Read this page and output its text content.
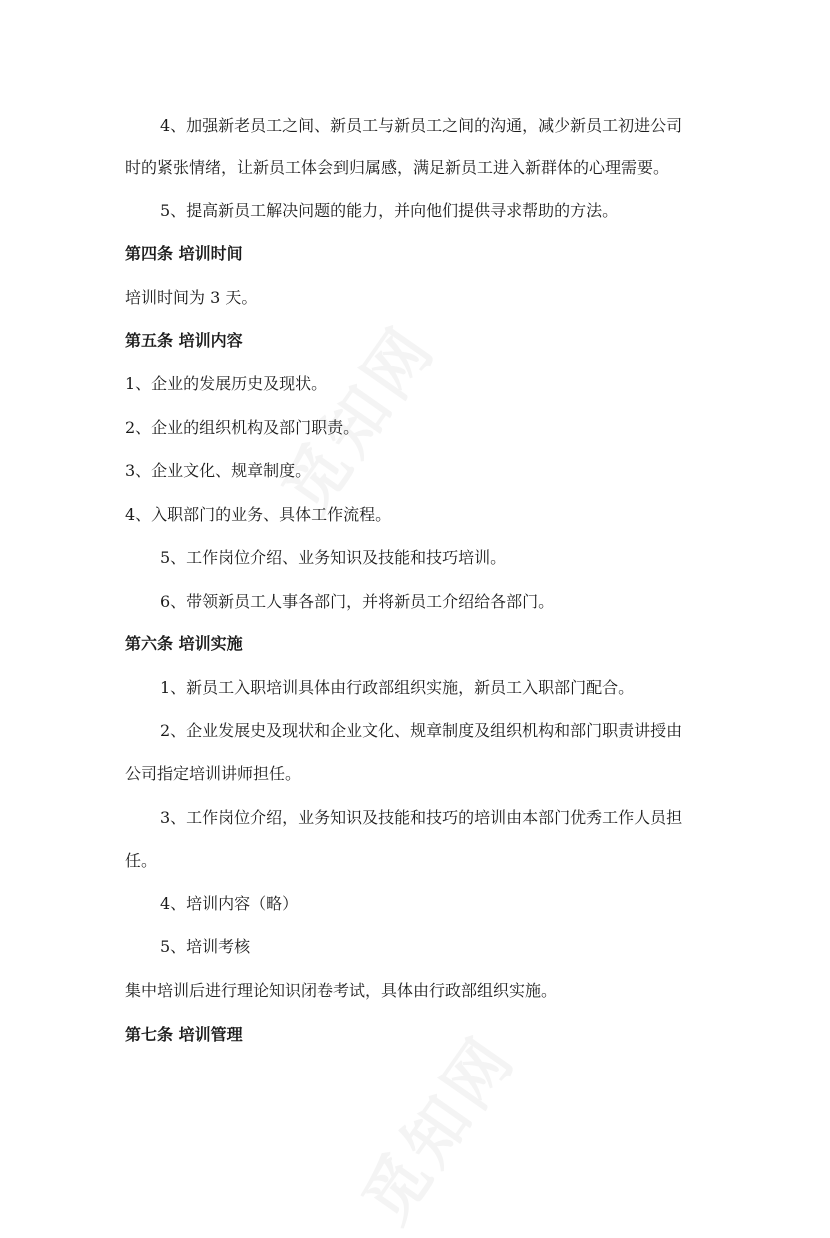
4、加强新老员工之间、新员工与新员工之间的沟通，减少新员工初进公司
时的紧张情绪，让新员工体会到归属感，满足新员工进入新群体的心理需要。
5、提高新员工解决问题的能力，并向他们提供寻求帮助的方法。
第四条 培训时间
培训时间为 3 天。
第五条 培训内容
1、企业的发展历史及现状。
2、企业的组织机构及部门职责。
3、企业文化、规章制度。
4、入职部门的业务、具体工作流程。
5、工作岗位介绍、业务知识及技能和技巧培训。
6、带领新员工人事各部门，并将新员工介绍给各部门。
第六条 培训实施
1、新员工入职培训具体由行政部组织实施，新员工入职部门配合。
2、企业发展史及现状和企业文化、规章制度及组织机构和部门职责讲授由
公司指定培训讲师担任。
3、工作岗位介绍，业务知识及技能和技巧的培训由本部门优秀工作人员担
任。
4、培训内容（略）
5、培训考核
集中培训后进行理论知识闭卷考试，具体由行政部组织实施。
第七条 培训管理
